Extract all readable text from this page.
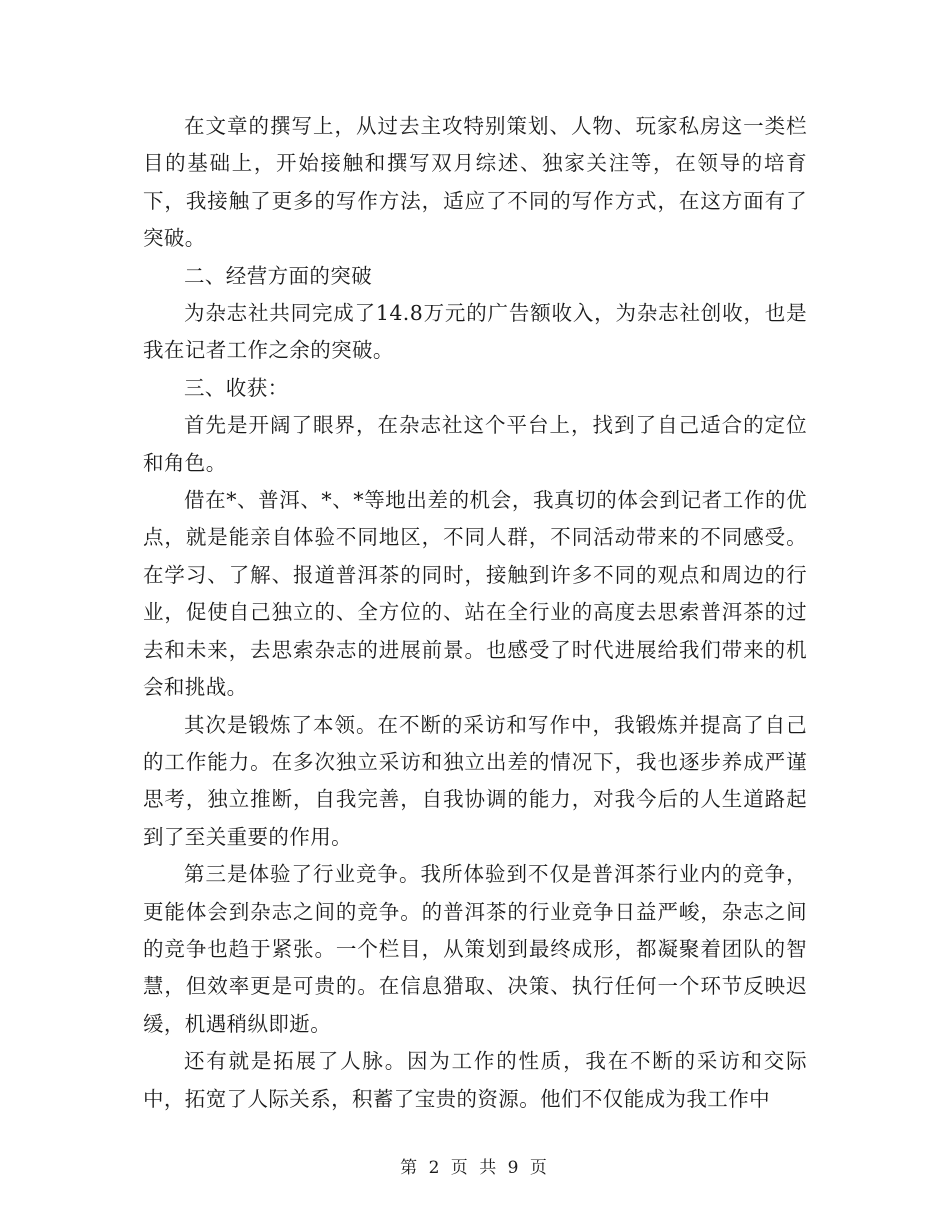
在文章的撰写上，从过去主攻特别策划、人物、玩家私房这一类栏目的基础上，开始接触和撰写双月综述、独家关注等，在领导的培育下，我接触了更多的写作方法，适应了不同的写作方式，在这方面有了突破。

二、经营方面的突破

为杂志社共同完成了14.8万元的广告额收入，为杂志社创收，也是我在记者工作之余的突破。

三、收获：

首先是开阔了眼界，在杂志社这个平台上，找到了自己适合的定位和角色。

借在*、普洱、*、*等地出差的机会，我真切的体会到记者工作的优点，就是能亲自体验不同地区，不同人群，不同活动带来的不同感受。在学习、了解、报道普洱茶的同时，接触到许多不同的观点和周边的行业，促使自己独立的、全方位的、站在全行业的高度去思索普洱茶的过去和未来，去思索杂志的进展前景。也感受了时代进展给我们带来的机会和挑战。

其次是锻炼了本领。在不断的采访和写作中，我锻炼并提高了自己的工作能力。在多次独立采访和独立出差的情况下，我也逐步养成严谨思考，独立推断，自我完善，自我协调的能力，对我今后的人生道路起到了至关重要的作用。

第三是体验了行业竞争。我所体验到不仅是普洱茶行业内的竞争，更能体会到杂志之间的竞争。的普洱茶的行业竞争日益严峻，杂志之间的竞争也趋于紧张。一个栏目，从策划到最终成形，都凝聚着团队的智慧，但效率更是可贵的。在信息猎取、决策、执行任何一个环节反映迟缓，机遇稍纵即逝。

还有就是拓展了人脉。因为工作的性质，我在不断的采访和交际中，拓宽了人际关系，积蓄了宝贵的资源。他们不仅能成为我工作中

第 2 页 共 9 页
